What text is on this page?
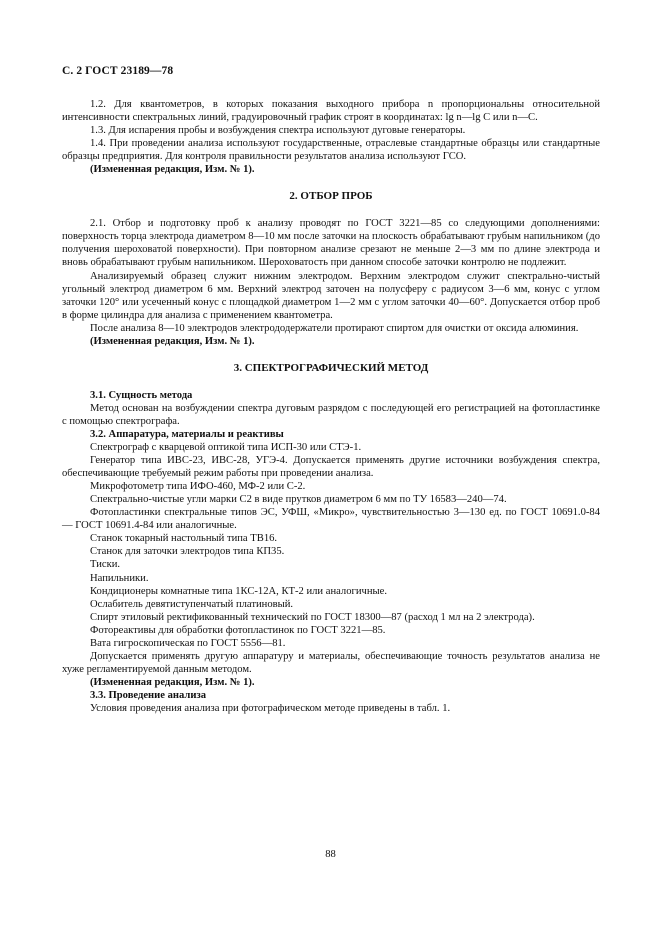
С. 2 ГОСТ 23189—78

1.2. Для квантометров, в которых показания выходного прибора n пропорциональны относительной интенсивности спектральных линий, градуировочный график строят в координатах: lg n—lg C или n—C.

1.3. Для испарения пробы и возбуждения спектра используют дуговые генераторы.

1.4. При проведении анализа используют государственные, отраслевые стандартные образцы или стандартные образцы предприятия. Для контроля правильности результатов анализа используют ГСО.

(Измененная редакция, Изм. № 1).

2. ОТБОР ПРОБ

2.1. Отбор и подготовку проб к анализу проводят по ГОСТ 3221—85 со следующими дополнениями: поверхность торца электрода диаметром 8—10 мм после заточки на плоскость обрабатывают грубым напильником (до получения шероховатой поверхности). При повторном анализе срезают не меньше 2—3 мм по длине электрода и вновь обрабатывают грубым напильником. Шероховатость при данном способе заточки контролю не подлежит.

Анализируемый образец служит нижним электродом. Верхним электродом служит спектрально-чистый угольный электрод диаметром 6 мм. Верхний электрод заточен на полусферу с радиусом 3—6 мм, конус с углом заточки 120° или усеченный конус с площадкой диаметром 1—2 мм с углом заточки 40—60°. Допускается отбор проб в форме цилиндра для анализа с применением квантометра.

После анализа 8—10 электродов электрододержатели протирают спиртом для очистки от оксида алюминия.

(Измененная редакция, Изм. № 1).

3. СПЕКТРОГРАФИЧЕСКИЙ МЕТОД

3.1. Сущность метода

Метод основан на возбуждении спектра дуговым разрядом с последующей его регистрацией на фотопластинке с помощью спектрографа.

3.2. Аппаратура, материалы и реактивы

Спектрограф с кварцевой оптикой типа ИСП-30 или СТЭ-1.

Генератор типа ИВС-23, ИВС-28, УГЭ-4. Допускается применять другие источники возбуждения спектра, обеспечивающие требуемый режим работы при проведении анализа.

Микрофотометр типа ИФО-460, МФ-2 или С-2.

Спектрально-чистые угли марки С2 в виде прутков диаметром 6 мм по ТУ 16583—240—74.

Фотопластинки спектральные типов ЭС, УФШ, «Микро», чувствительностью 3—130 ед. по ГОСТ 10691.0-84 — ГОСТ 10691.4-84 или аналогичные.

Станок токарный настольный типа ТВ16.

Станок для заточки электродов типа КП35.

Тиски.

Напильники.

Кондиционеры комнатные типа 1КС-12А, КТ-2 или аналогичные.

Ослабитель девятиступенчатый платиновый.

Спирт этиловый ректификованный технический по ГОСТ 18300—87 (расход 1 мл на 2 электрода).

Фотореактивы для обработки фотопластинок по ГОСТ 3221—85.

Вата гигроскопическая по ГОСТ 5556—81.

Допускается применять другую аппаратуру и материалы, обеспечивающие точность результатов анализа не хуже регламентируемой данным методом.

(Измененная редакция, Изм. № 1).

3.3. Проведение анализа

Условия проведения анализа при фотографическом методе приведены в табл. 1.

88
